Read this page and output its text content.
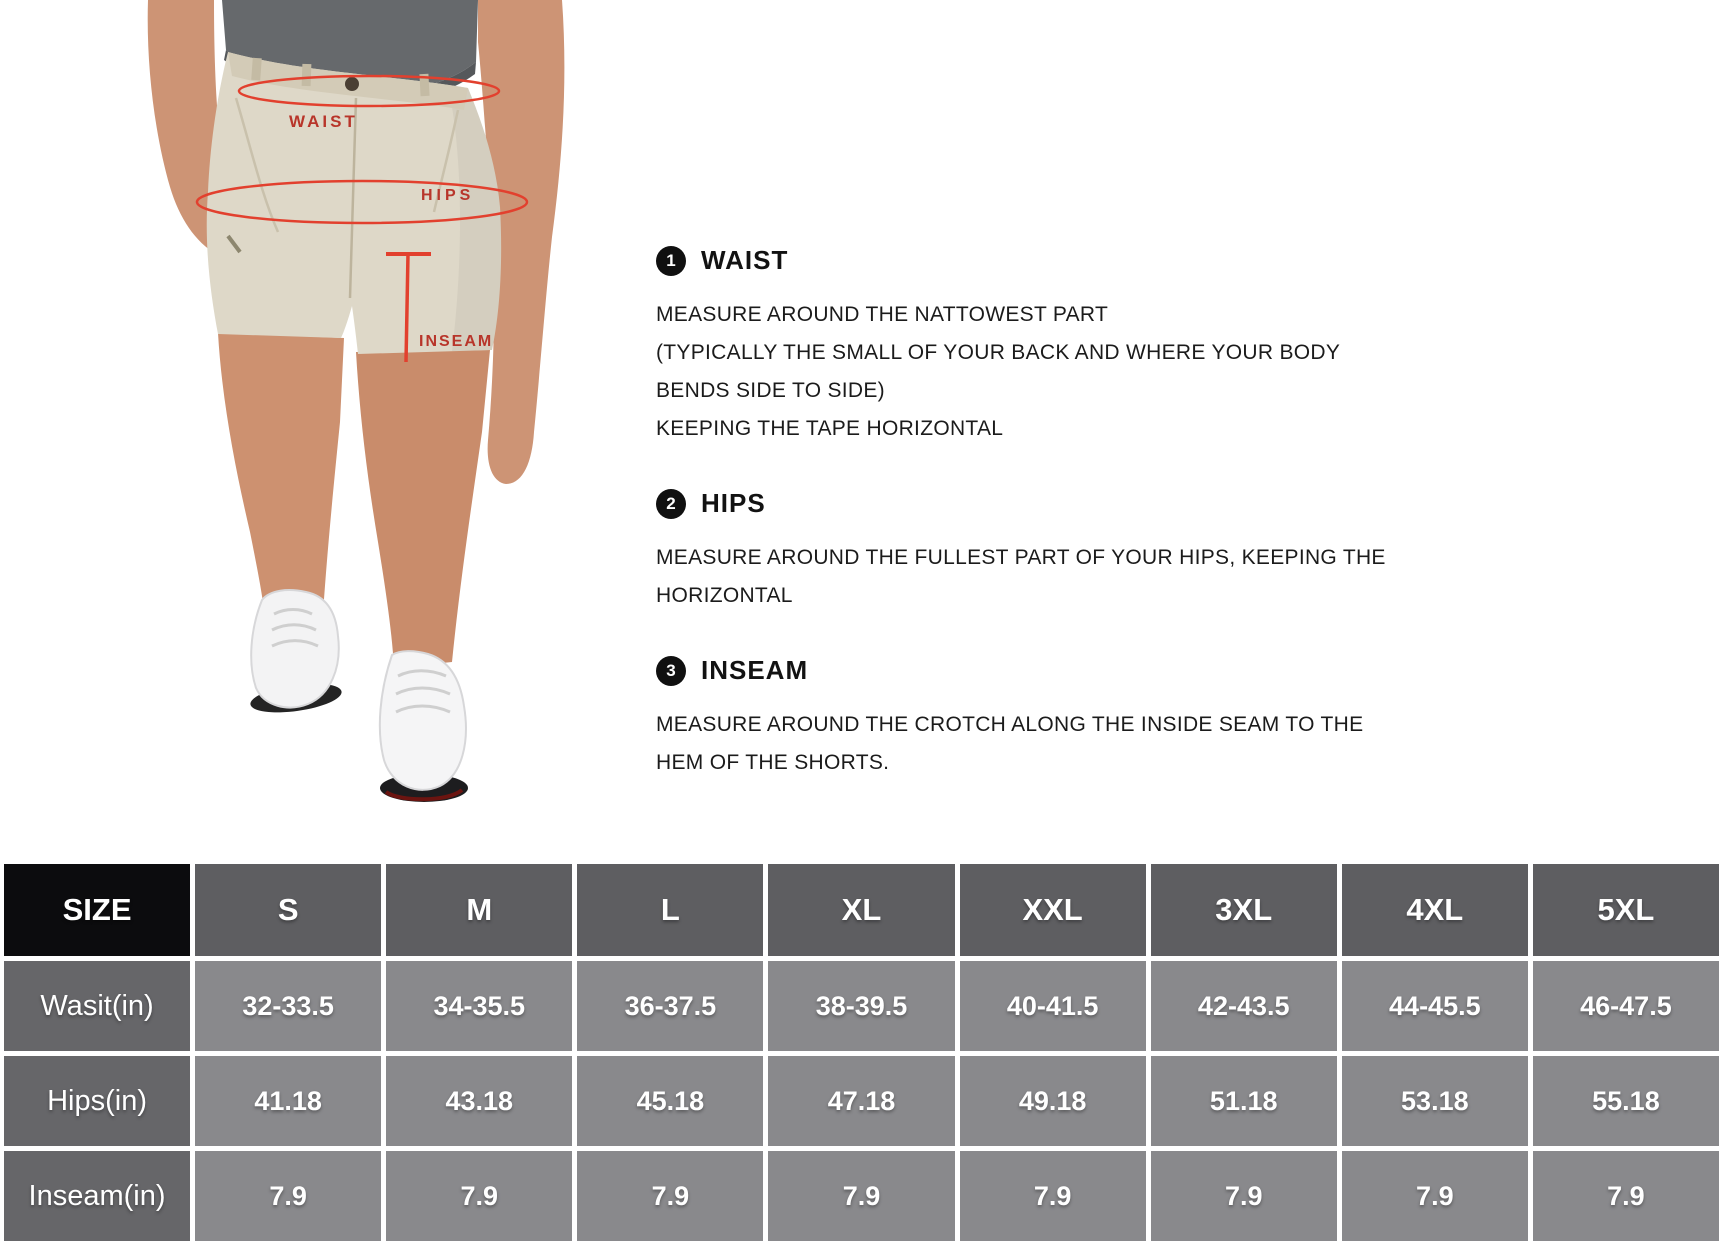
WAIST
HIPS
INSEAM
1 WAIST

MEASURE AROUND THE NATTOWEST PART

(TYPICALLY THE SMALL OF YOUR BACK AND WHERE YOUR BODY

BENDS SIDE TO SIDE)

KEEPING THE TAPE HORIZONTAL

2 HIPS

MEASURE AROUND THE FULLEST PART OF YOUR HIPS, KEEPING THE

HORIZONTAL

3 INSEAM

MEASURE AROUND THE CROTCH ALONG THE INSIDE SEAM TO THE

HEM OF THE SHORTS.

SIZE	S	M	L	XL	XXL	3XL	4XL	5XL
Wasit(in)	32-33.5	34-35.5	36-37.5	38-39.5	40-41.5	42-43.5	44-45.5	46-47.5
Hips(in)	41.18	43.18	45.18	47.18	49.18	51.18	53.18	55.18
Inseam(in)	7.9	7.9	7.9	7.9	7.9	7.9	7.9	7.9
